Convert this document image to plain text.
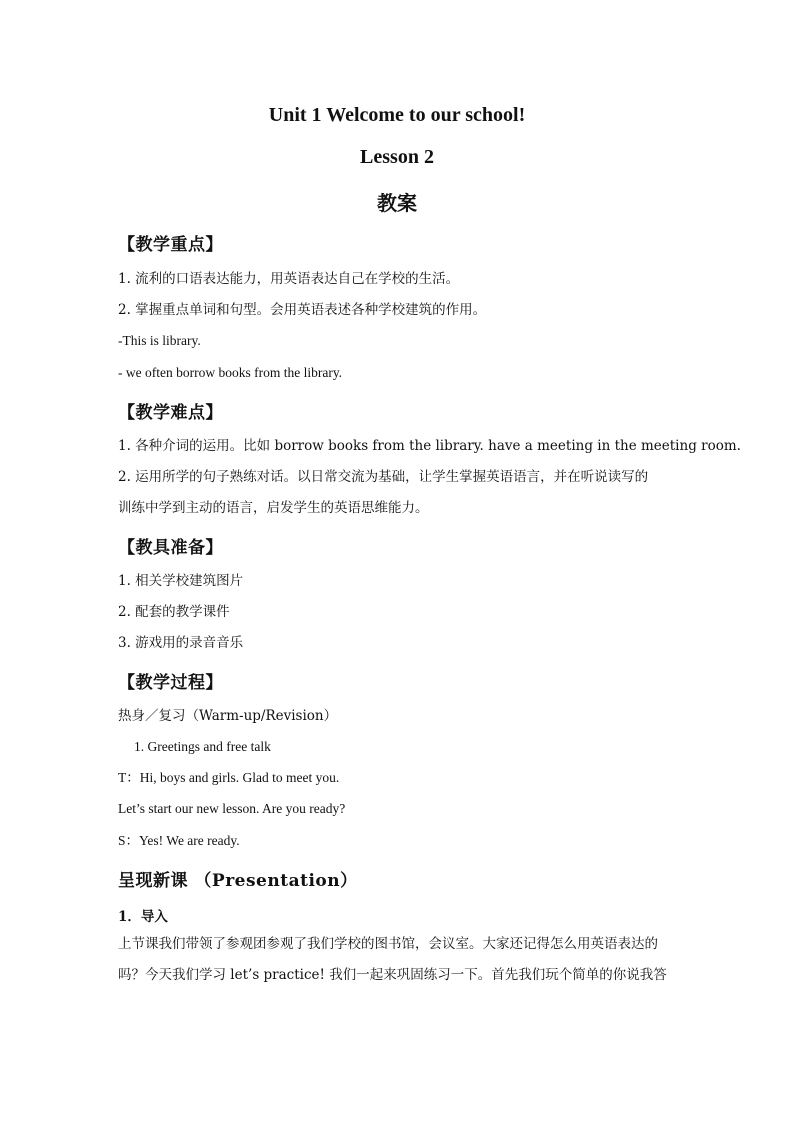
Unit 1 Welcome to our school!
Lesson 2
教案
【教学重点】
1. 流利的口语表达能力，用英语表达自己在学校的生活。
2. 掌握重点单词和句型。会用英语表述各种学校建筑的作用。
-This is library.
- we often borrow books from the library.
【教学难点】
1. 各种介词的运用。比如 borrow books from the library. have a meeting in the meeting room.
2. 运用所学的句子熟练对话。以日常交流为基础，让学生掌握英语语言，并在听说读写的
训练中学到主动的语言，启发学生的英语思维能力。
【教具准备】
1. 相关学校建筑图片
2. 配套的教学课件
3. 游戏用的录音音乐
【教学过程】
热身／复习（Warm-up/Revision）
1. Greetings and free talk
T：Hi, boys and girls. Glad to meet you.
Let’s start our new lesson. Are you ready?
S：Yes! We are ready.
呈现新课 （Presentation）
1．导入
上节课我们带领了参观团参观了我们学校的图书馆，会议室。大家还记得怎么用英语表达的
吗？今天我们学习 let’s practice! 我们一起来巩固练习一下。首先我们玩个简单的你说我答
